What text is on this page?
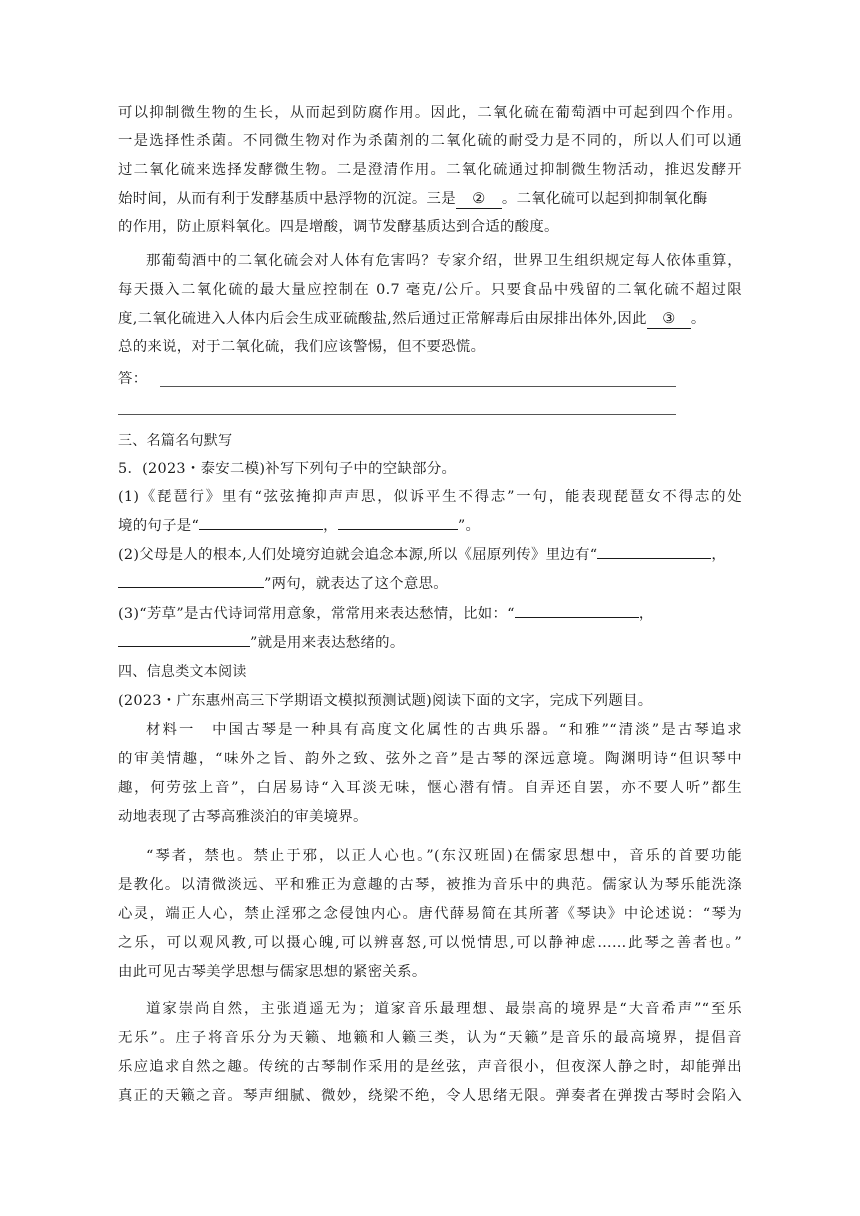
可以抑制微生物的生长，从而起到防腐作用。因此，二氧化硫在葡萄酒中可起到四个作用。
一是选择性杀菌。不同微生物对作为杀菌剂的二氧化硫的耐受力是不同的，所以人们可以通
过二氧化硫来选择发酵微生物。二是澄清作用。二氧化硫通过抑制微生物活动，推迟发酵开
始时间，从而有利于发酵基质中悬浮物的沉淀。三是 ② 。二氧化硫可以起到抑制氧化酶
的作用，防止原料氧化。四是增酸，调节发酵基质达到合适的酸度。
那葡萄酒中的二氧化硫会对人体有危害吗？专家介绍，世界卫生组织规定每人依体重算，
每天摄入二氧化硫的最大量应控制在 0.7 毫克/公斤。只要食品中残留的二氧化硫不超过限
度,二氧化硫进入人体内后会生成亚硫酸盐,然后通过正常解毒后由尿排出体外,因此 ③ 。
总的来说，对于二氧化硫，我们应该警惕，但不要恐慌。
答：
三、名篇名句默写
5．(2023・泰安二模)补写下列句子中的空缺部分。
(1)《琵琶行》里有“弦弦掩抑声声思，似诉平生不得志”一句，能表现琵琶女不得志的处
境的句子是“	，	”。
(2)父母是人的根本,人们处境穷迫就会追念本源,所以《屈原列传》里边有“	，
”两句，就表达了这个意思。
(3)“芳草”是古代诗词常用意象，常常用来表达愁情，比如：“	，
”就是用来表达愁绪的。
四、信息类文本阅读
(2023・广东惠州高三下学期语文模拟预测试题)阅读下面的文字，完成下列题目。
材料一　中国古琴是一种具有高度文化属性的古典乐器。“和雅”“清淡”是古琴追求
的审美情趣，“味外之旨、韵外之致、弦外之音”是古琴的深远意境。陶渊明诗“但识琴中
趣，何劳弦上音”，白居易诗“入耳淡无味，惬心潜有情。自弄还自罢，亦不要人听”都生
动地表现了古琴高雅淡泊的审美境界。
“琴者，禁也。禁止于邪，以正人心也。”(东汉班固)在儒家思想中，音乐的首要功能
是教化。以清微淡远、平和雅正为意趣的古琴，被推为音乐中的典范。儒家认为琴乐能洗涤
心灵，端正人心，禁止淫邪之念侵蚀内心。唐代薛易简在其所著《琴诀》中论述说：“琴为
之乐，可以观风教,可以摄心魄,可以辨喜怒,可以悦情思,可以静神虑……此琴之善者也。”
由此可见古琴美学思想与儒家思想的紧密关系。
道家崇尚自然，主张逍遥无为；道家音乐最理想、最崇高的境界是“大音希声”“至乐
无乐”。庄子将音乐分为天籁、地籁和人籁三类，认为“天籁”是音乐的最高境界，提倡音
乐应追求自然之趣。传统的古琴制作采用的是丝弦，声音很小，但夜深人静之时，却能弹出
真正的天籁之音。琴声细腻、微妙，绕梁不绝，令人思绪无限。弹奏者在弹拨古琴时会陷入
